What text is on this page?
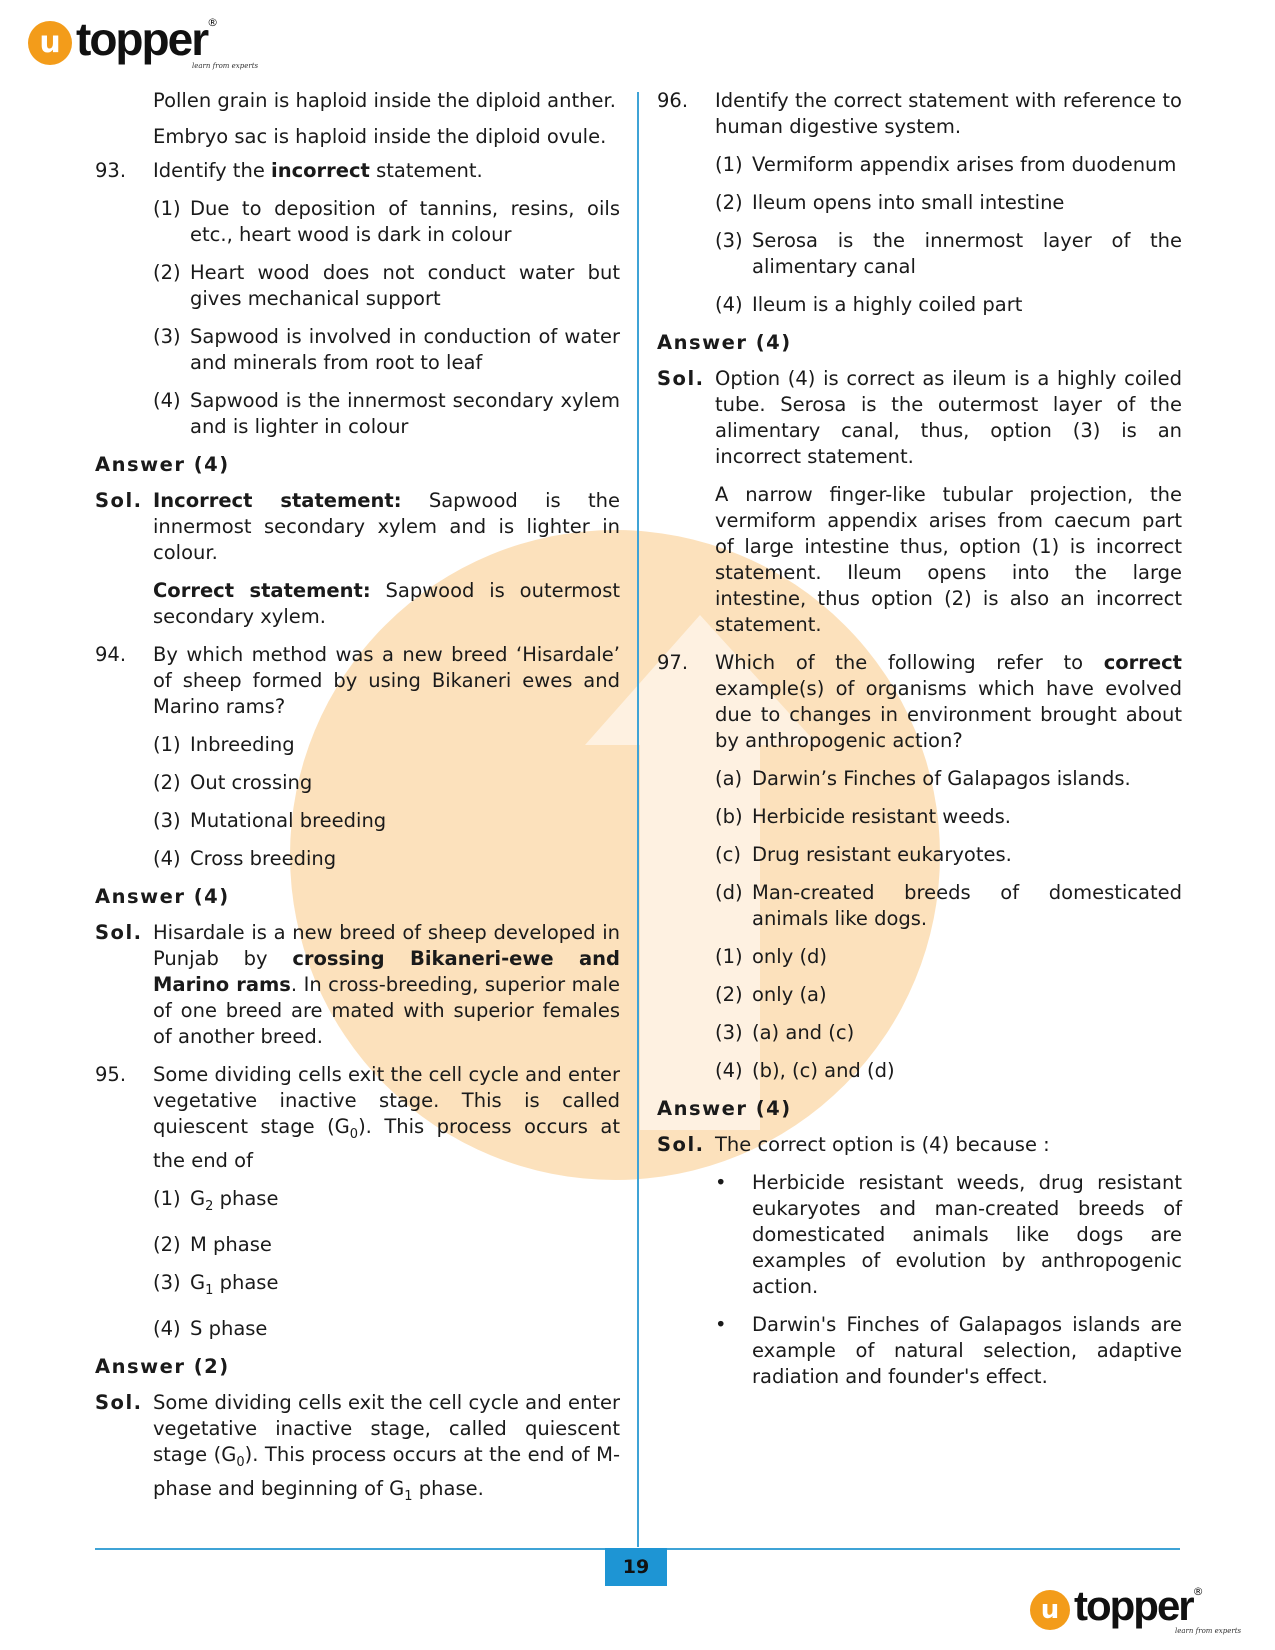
u topper®
learn from experts
Pollen grain is haploid inside the diploid anther.
Embryo sac is haploid inside the diploid ovule.
93. Identify the incorrect statement.
(1) Due to deposition of tannins, resins, oils etc., heart wood is dark in colour
(2) Heart wood does not conduct water but gives mechanical support
(3) Sapwood is involved in conduction of water and minerals from root to leaf
(4) Sapwood is the innermost secondary xylem and is lighter in colour
Answer (4)
Sol. Incorrect statement: Sapwood is the innermost secondary xylem and is lighter in colour.
Correct statement: Sapwood is outermost secondary xylem.
94. By which method was a new breed ‘Hisardale’ of sheep formed by using Bikaneri ewes and Marino rams?
(1) Inbreeding
(2) Out crossing
(3) Mutational breeding
(4) Cross breeding
Answer (4)
Sol. Hisardale is a new breed of sheep developed in Punjab by crossing Bikaneri-ewe and Marino rams. In cross-breeding, superior male of one breed are mated with superior females of another breed.
95. Some dividing cells exit the cell cycle and enter vegetative inactive stage. This is called quiescent stage $(G_0)$. This process occurs at the end of
(1) $G_2$ phase
(2) M phase
(3) $G_1$ phase
(4) S phase
Answer (2)
Sol. Some dividing cells exit the cell cycle and enter vegetative inactive stage, called quiescent stage $(G_0)$. This process occurs at the end of M-phase and beginning of $G_1$ phase.
96. Identify the correct statement with reference to human digestive system.
(1) Vermiform appendix arises from duodenum
(2) Ileum opens into small intestine
(3) Serosa is the innermost layer of the alimentary canal
(4) Ileum is a highly coiled part
Answer (4)
Sol. Option (4) is correct as ileum is a highly coiled tube. Serosa is the outermost layer of the alimentary canal, thus, option (3) is an incorrect statement.
A narrow finger-like tubular projection, the vermiform appendix arises from caecum part of large intestine thus, option (1) is incorrect statement. Ileum opens into the large intestine, thus option (2) is also an incorrect statement.
97. Which of the following refer to correct example(s) of organisms which have evolved due to changes in environment brought about by anthropogenic action?
(a) Darwin’s Finches of Galapagos islands.
(b) Herbicide resistant weeds.
(c) Drug resistant eukaryotes.
(d) Man-created breeds of domesticated animals like dogs.
(1) only (d)
(2) only (a)
(3) (a) and (c)
(4) (b), (c) and (d)
Answer (4)
Sol. The correct option is (4) because :
• Herbicide resistant weeds, drug resistant eukaryotes and man-created breeds of domesticated animals like dogs are examples of evolution by anthropogenic action.
• Darwin's Finches of Galapagos islands are example of natural selection, adaptive radiation and founder's effect.
19
u topper®
learn from experts
